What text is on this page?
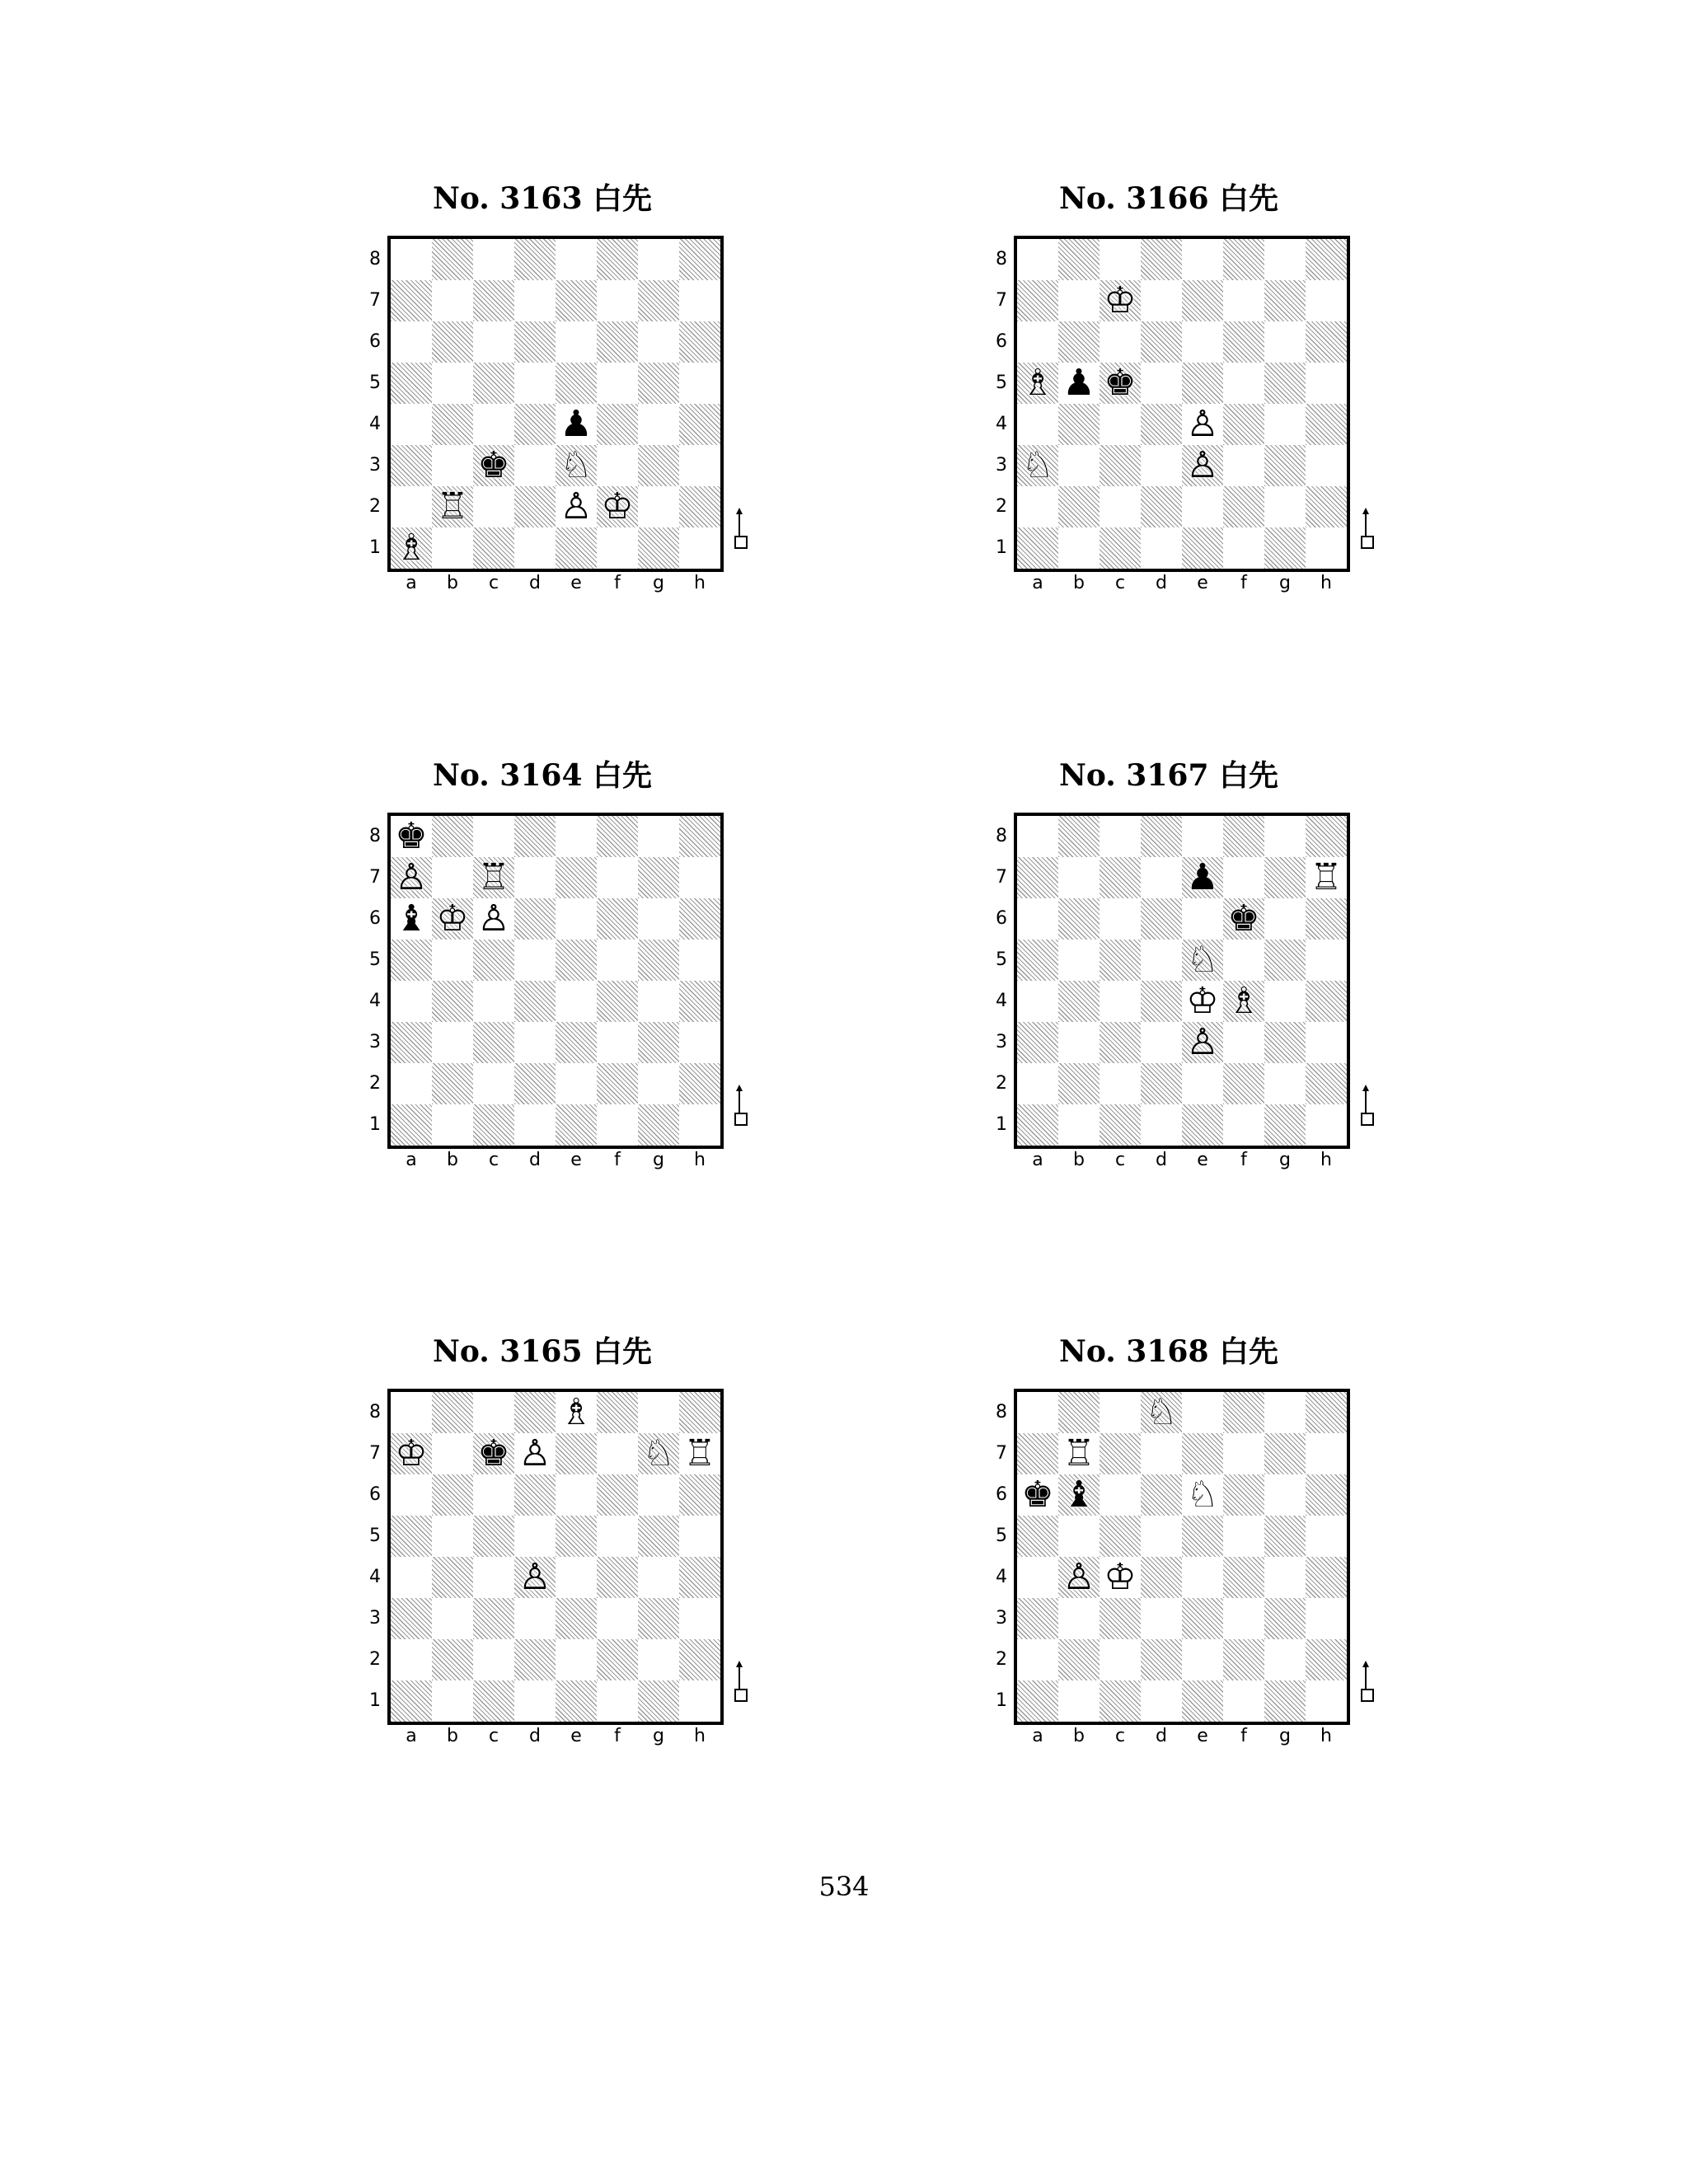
No. 3163 白先
♟
♚ ♘
♖	♙ ♔
♗
8
7
6
5
4
3
2
1
a	b	c	d	e	f	g	h
No. 3166 白先
♔
♗ ♟ ♚
♙
♘	♙
8
7
6
5
4
3
2
1
a	b	c	d	e	f	g	h
No. 3164 白先
♚
♙ ♖
♝ ♔ ♙
8
7
6
5
4
3
2
1
a	b	c	d	e	f	g	h
No. 3167 白先
♟	♖
♚
♘
♔ ♗
♙
8
7
6
5
4
3
2
1
a	b	c	d	e	f	g	h
No. 3165 白先
♗
♔ ♚ ♙	♘ ♖
♙
8
7
6
5
4
3
2
1
a	b	c	d	e	f	g	h
No. 3168 白先
♘
♖
♚ ♝	♘
♙ ♔
8
7
6
5
4
3
2
1
a	b	c	d	e	f	g	h
534
